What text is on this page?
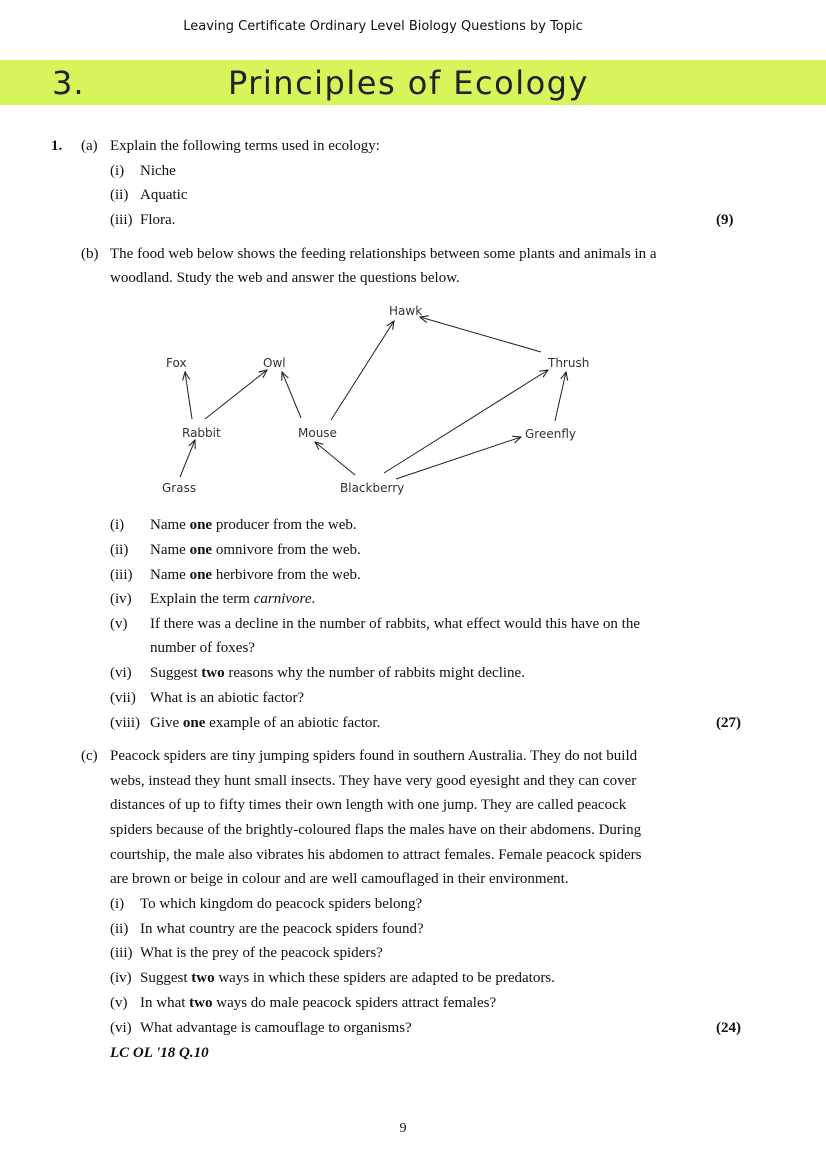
Leaving Certificate Ordinary Level Biology Questions by Topic
3.	Principles of Ecology
1. (a) Explain the following terms used in ecology:
(i) Niche
(ii) Aquatic
(iii) Flora.	(9)
(b) The food web below shows the feeding relationships between some plants and animals in a
woodland. Study the web and answer the questions below.
Hawk
Fox	Owl	Thrush
Rabbit	Mouse	Greenfly
Grass	Blackberry
(i) Name one producer from the web.
(ii) Name one omnivore from the web.
(iii) Name one herbivore from the web.
(iv) Explain the term carnivore.
(v) If there was a decline in the number of rabbits, what effect would this have on the
number of foxes?
(vi) Suggest two reasons why the number of rabbits might decline.
(vii) What is an abiotic factor?
(viii) Give one example of an abiotic factor.	(27)
(c) Peacock spiders are tiny jumping spiders found in southern Australia. They do not build
webs, instead they hunt small insects. They have very good eyesight and they can cover
distances of up to fifty times their own length with one jump. They are called peacock
spiders because of the brightly-coloured flaps the males have on their abdomens. During
courtship, the male also vibrates his abdomen to attract females. Female peacock spiders
are brown or beige in colour and are well camouflaged in their environment.
(i) To which kingdom do peacock spiders belong?
(ii) In what country are the peacock spiders found?
(iii) What is the prey of the peacock spiders?
(iv) Suggest two ways in which these spiders are adapted to be predators.
(v) In what two ways do male peacock spiders attract females?
(vi) What advantage is camouflage to organisms?	(24)
LC OL '18 Q.10
9
